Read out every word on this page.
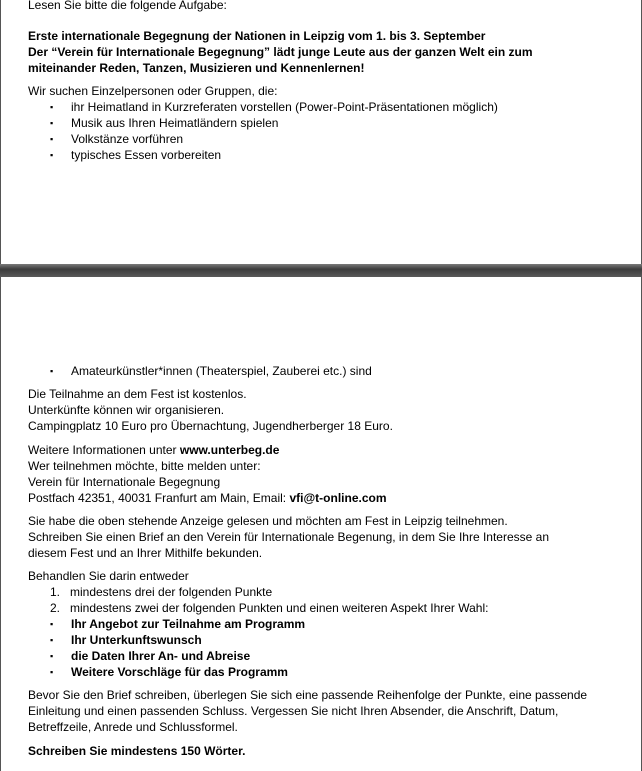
Lesen Sie bitte die folgende Aufgabe:
Erste internationale Begegnung der Nationen in Leipzig vom 1. bis 3. September
Der “Verein für Internationale Begegnung” lädt junge Leute aus der ganzen Welt ein zum
miteinander Reden, Tanzen, Musizieren und Kennenlernen!
Wir suchen Einzelpersonen oder Gruppen, die:
ihr Heimatland in Kurzreferaten vorstellen (Power-Point-Präsentationen möglich)
Musik aus Ihren Heimatländern spielen
Volkstänze vorführen
typisches Essen vorbereiten
Amateurkünstler*innen (Theaterspiel, Zauberei etc.) sind
Die Teilnahme an dem Fest ist kostenlos.
Unterkünfte können wir organisieren.
Campingplatz 10 Euro pro Übernachtung, Jugendherberger 18 Euro.
Weitere Informationen unter www.unterbeg.de
Wer teilnehmen möchte, bitte melden unter:
Verein für Internationale Begegnung
Postfach 42351, 40031 Franfurt am Main, Email: vfi@t-online.com
Sie habe die oben stehende Anzeige gelesen und möchten am Fest in Leipzig teilnehmen.
Schreiben Sie einen Brief an den Verein für Internationale Begenung, in dem Sie Ihre Interesse an
diesem Fest und an Ihrer Mithilfe bekunden.
Behandlen Sie darin entweder
1. mindestens drei der folgenden Punkte
2. mindestens zwei der folgenden Punkten und einen weiteren Aspekt Ihrer Wahl:
Ihr Angebot zur Teilnahme am Programm
Ihr Unterkunftswunsch
die Daten Ihrer An- und Abreise
Weitere Vorschläge für das Programm
Bevor Sie den Brief schreiben, überlegen Sie sich eine passende Reihenfolge der Punkte, eine passende
Einleitung und einen passenden Schluss. Vergessen Sie nicht Ihren Absender, die Anschrift, Datum,
Betreffzeile, Anrede und Schlussformel.
Schreiben Sie mindestens 150 Wörter.
